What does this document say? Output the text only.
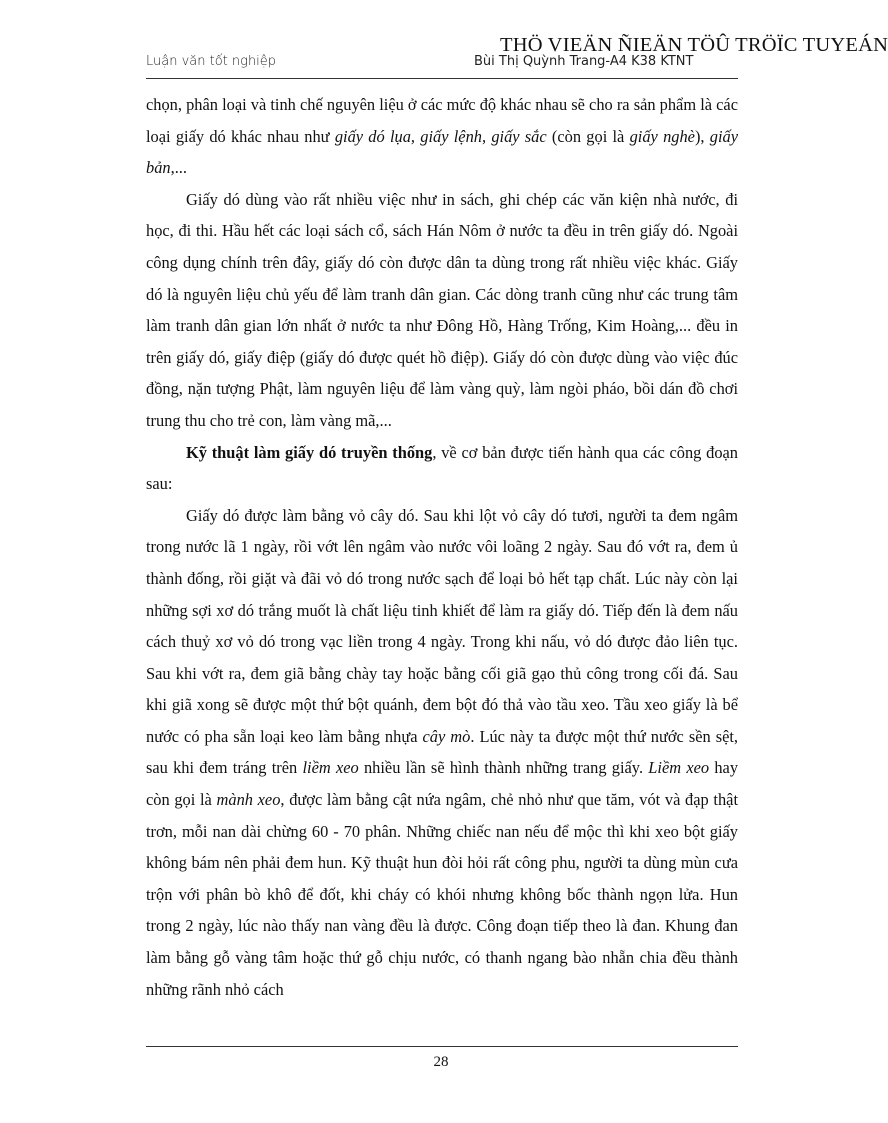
THÖ VIEÄN ÑIEÄN TÖÛ TRÖÏC TUYEÁN
Luận văn tốt nghiệp	Bùi Thị Quỳnh Trang-A4 K38 KTNT

chọn, phân loại và tinh chế nguyên liệu ở các mức độ khác nhau sẽ cho ra sản phẩm là các loại giấy dó khác nhau như giấy dó lụa, giấy lệnh, giấy sắc (còn gọi là giấy nghè), giấy bản,...

Giấy dó dùng vào rất nhiều việc như in sách, ghi chép các văn kiện nhà nước, đi học, đi thi. Hầu hết các loại sách cổ, sách Hán Nôm ở nước ta đều in trên giấy dó. Ngoài công dụng chính trên đây, giấy dó còn được dân ta dùng trong rất nhiều việc khác. Giấy dó là nguyên liệu chủ yếu để làm tranh dân gian. Các dòng tranh cũng như các trung tâm làm tranh dân gian lớn nhất ở nước ta như Đông Hồ, Hàng Trống, Kim Hoàng,... đều in trên giấy dó, giấy điệp (giấy dó được quét hồ điệp). Giấy dó còn được dùng vào việc đúc đồng, nặn tượng Phật, làm nguyên liệu để làm vàng quỳ, làm ngòi pháo, bồi dán đồ chơi trung thu cho trẻ con, làm vàng mã,...

Kỹ thuật làm giấy dó truyền thống, về cơ bản được tiến hành qua các công đoạn sau:

Giấy dó được làm bằng vỏ cây dó. Sau khi lột vỏ cây dó tươi, người ta đem ngâm trong nước lã 1 ngày, rồi vớt lên ngâm vào nước vôi loãng 2 ngày. Sau đó vớt ra, đem ủ thành đống, rồi giặt và đãi vỏ dó trong nước sạch để loại bỏ hết tạp chất. Lúc này còn lại những sợi xơ dó trắng muốt là chất liệu tinh khiết để làm ra giấy dó. Tiếp đến là đem nấu cách thuỷ xơ vỏ dó trong vạc liền trong 4 ngày. Trong khi nấu, vỏ dó được đảo liên tục. Sau khi vớt ra, đem giã bằng chày tay hoặc bằng cối giã gạo thủ công trong cối đá. Sau khi giã xong sẽ được một thứ bột quánh, đem bột đó thả vào tầu xeo. Tầu xeo giấy là bể nước có pha sẵn loại keo làm bằng nhựa cây mò. Lúc này ta được một thứ nước sền sệt, sau khi đem tráng trên liềm xeo nhiều lần sẽ hình thành những trang giấy. Liềm xeo hay còn gọi là mành xeo, được làm bằng cật nứa ngâm, chẻ nhỏ như que tăm, vót và đạp thật trơn, mỗi nan dài chừng 60 - 70 phân. Những chiếc nan nếu để mộc thì khi xeo bột giấy không bám nên phải đem hun. Kỹ thuật hun đòi hỏi rất công phu, người ta dùng mùn cưa trộn với phân bò khô để đốt, khi cháy có khói nhưng không bốc thành ngọn lửa. Hun trong 2 ngày, lúc nào thấy nan vàng đều là được. Công đoạn tiếp theo là đan. Khung đan làm bằng gỗ vàng tâm hoặc thứ gỗ chịu nước, có thanh ngang bào nhẵn chia đều thành những rãnh nhỏ cách

28
